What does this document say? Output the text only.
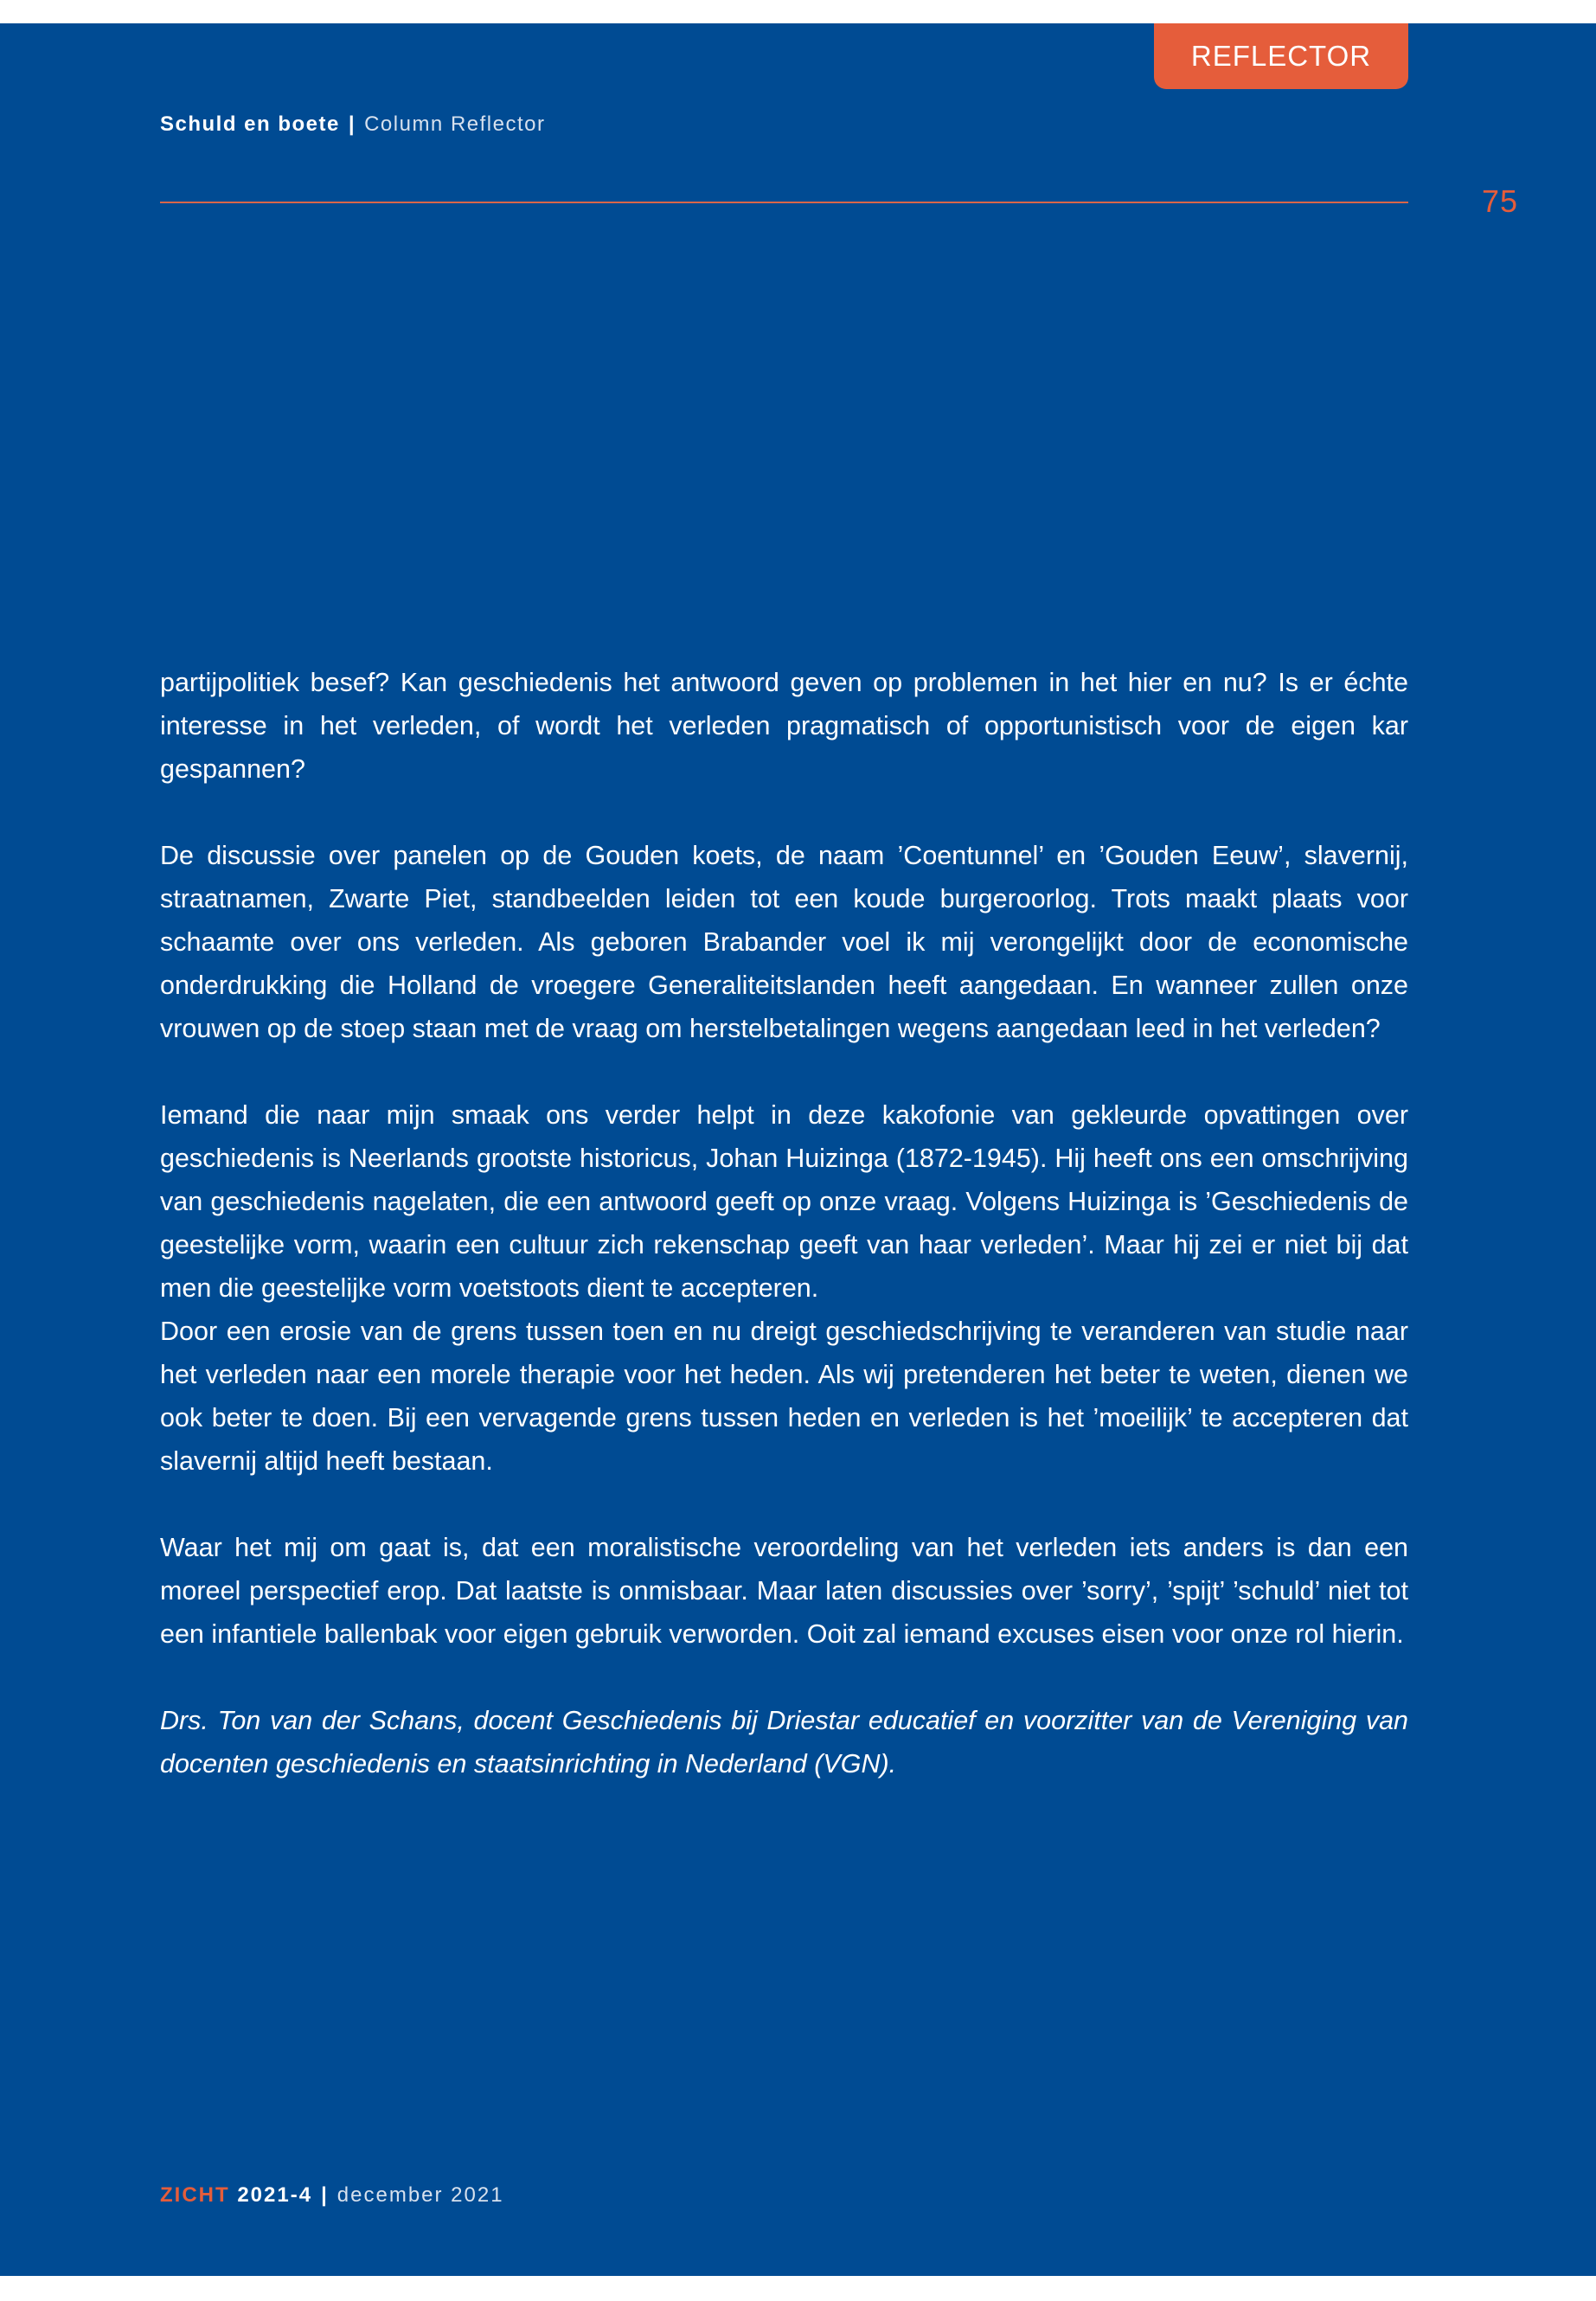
REFLECTOR
Schuld en boete | Column Reflector
75

partijpolitiek besef? Kan geschiedenis het antwoord geven op problemen in het hier en nu? Is er échte interesse in het verleden, of wordt het verleden pragmatisch of opportunistisch voor de eigen kar gespannen?

De discussie over panelen op de Gouden koets, de naam ’Coentunnel’ en ’Gouden Eeuw’, slavernij, straatnamen, Zwarte Piet, standbeelden leiden tot een koude burgeroorlog. Trots maakt plaats voor schaamte over ons verleden. Als geboren Brabander voel ik mij verongelijkt door de economische onderdrukking die Holland de vroegere Generaliteitslanden heeft aangedaan. En wanneer zullen onze vrouwen op de stoep staan met de vraag om herstelbetalingen wegens aangedaan leed in het verleden?

Iemand die naar mijn smaak ons verder helpt in deze kakofonie van gekleurde opvattingen over geschiedenis is Neerlands grootste historicus, Johan Huizinga (1872-1945). Hij heeft ons een omschrijving van geschiedenis nagelaten, die een antwoord geeft op onze vraag. Volgens Huizinga is ’Geschiedenis de geestelijke vorm, waarin een cultuur zich rekenschap geeft van haar verleden’. Maar hij zei er niet bij dat men die geestelijke vorm voetstoots dient te accepteren.

Door een erosie van de grens tussen toen en nu dreigt geschiedschrijving te veranderen van studie naar het verleden naar een morele therapie voor het heden. Als wij pretenderen het beter te weten, dienen we ook beter te doen. Bij een vervagende grens tussen heden en verleden is het ’moeilijk’ te accepteren dat slavernij altijd heeft bestaan.

Waar het mij om gaat is, dat een moralistische veroordeling van het verleden iets anders is dan een moreel perspectief erop. Dat laatste is onmisbaar. Maar laten discussies over ’sorry’, ’spijt’ ’schuld’ niet tot een infantiele ballenbak voor eigen gebruik verworden. Ooit zal iemand excuses eisen voor onze rol hierin.

Drs. Ton van der Schans, docent Geschiedenis bij Driestar educatief en voorzitter van de Vereniging van docenten geschiedenis en staatsinrichting in Nederland (VGN).

ZICHT 2021-4 | december 2021
